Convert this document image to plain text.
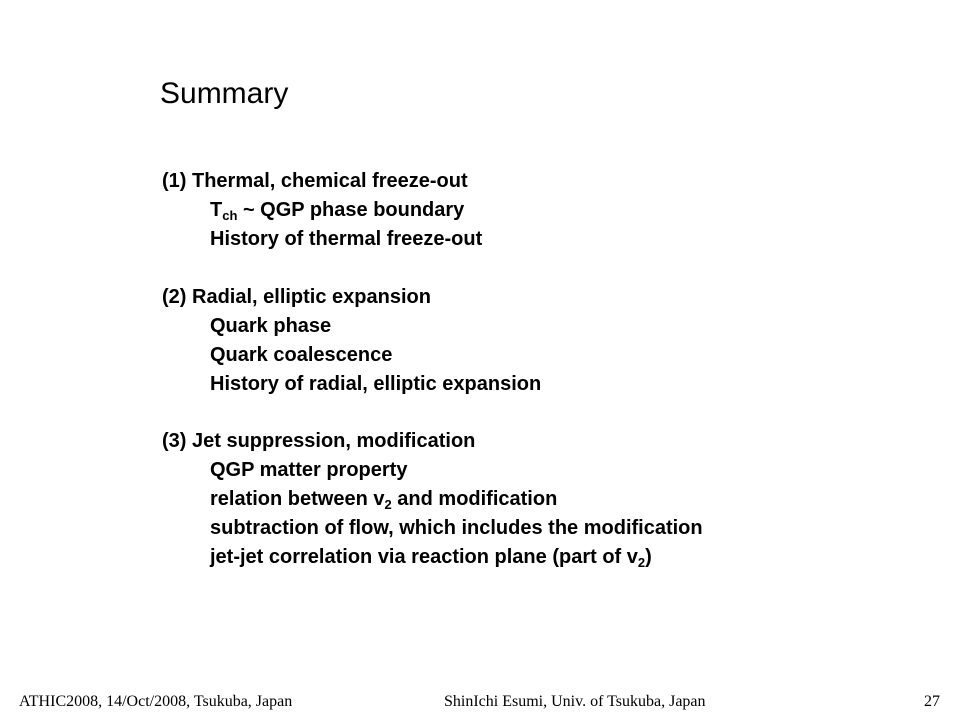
Summary
(1) Thermal, chemical freeze-out
$T_{ch}$ ~ QGP phase boundary
History of thermal freeze-out
(2) Radial, elliptic expansion
Quark phase
Quark coalescence
History of radial, elliptic expansion
(3) Jet suppression, modification
QGP matter property
relation between $v_2$ and modification
subtraction of flow, which includes the modification
jet-jet correlation via reaction plane (part of $v_2$)
ATHIC2008, 14/Oct/2008, Tsukuba, Japan	ShinIchi Esumi, Univ. of Tsukuba, Japan	27
